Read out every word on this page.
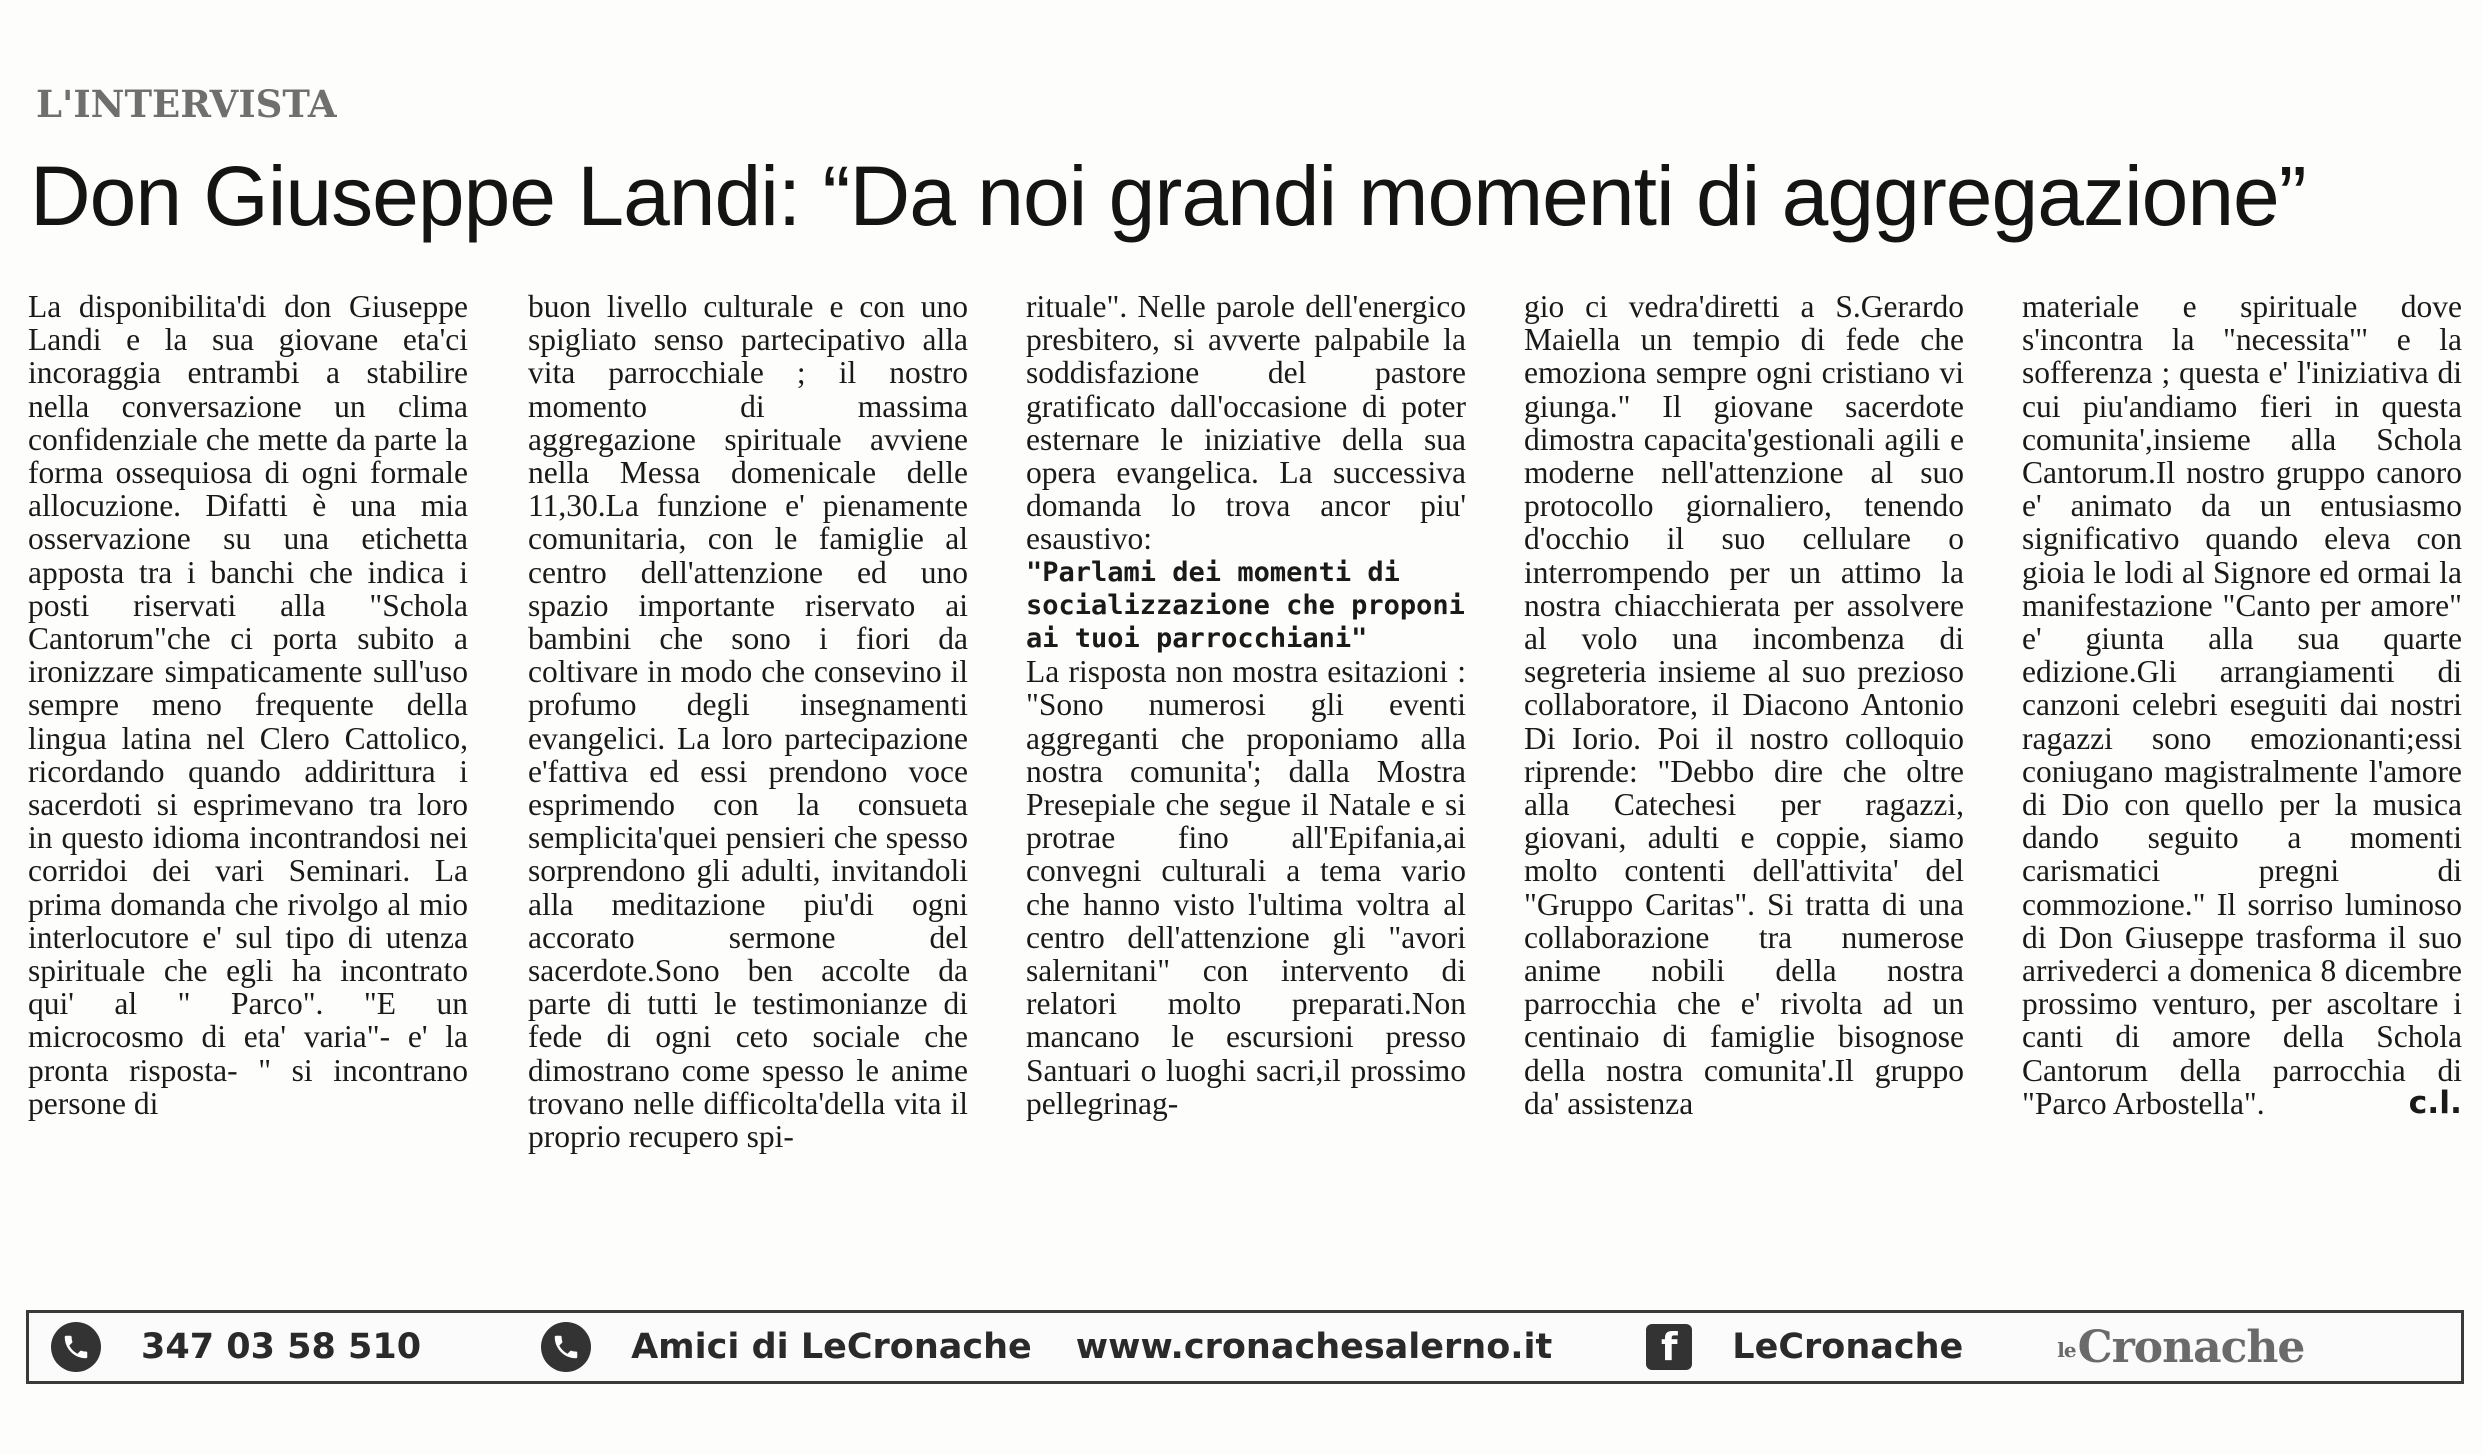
L'INTERVISTA
Don Giuseppe Landi: “Da noi grandi momenti di aggregazione”

La disponibilita'di don Giuseppe Landi e la sua giovane eta'ci incoraggia entrambi a stabilire nella conversazione un clima confidenziale che mette da parte la forma ossequiosa di ogni formale allocuzione. Difatti è una mia osservazione su una etichetta apposta tra i banchi che indica i posti riservati alla "Schola Cantorum"che ci porta subito a ironizzare simpaticamente sull'uso sempre meno frequente della lingua latina nel Clero Cattolico, ricordando quando addirittura i sacerdoti si esprimevano tra loro in questo idioma incontrandosi nei corridoi dei vari Seminari. La prima domanda che rivolgo al mio interlocutore e' sul tipo di utenza spirituale che egli ha incontrato qui' al " Parco". "E un microcosmo di eta' varia"- e' la pronta risposta- " si incontrano persone di

buon livello culturale e con uno spigliato senso partecipativo alla vita parrocchiale ; il nostro momento di massima aggregazione spirituale avviene nella Messa domenicale delle 11,30.La funzione e' pienamente comunitaria, con le famiglie al centro dell'attenzione ed uno spazio importante riservato ai bambini che sono i fiori da coltivare in modo che consevino il profumo degli insegnamenti evangelici. La loro partecipazione e'fattiva ed essi prendono voce esprimendo con la consueta semplicita'quei pensieri che spesso sorprendono gli adulti, invitandoli alla meditazione piu'di ogni accorato sermone del sacerdote.Sono ben accolte da parte di tutti le testimonianze di fede di ogni ceto sociale che dimostrano come spesso le anime trovano nelle difficolta'della vita il proprio recupero spi-

rituale". Nelle parole dell'energico presbitero, si avverte palpabile la soddisfazione del pastore gratificato dall'occasione di poter esternare le iniziative della sua opera evangelica. La successiva domanda lo trova ancor piu' esaustivo:

"Parlami dei momenti di socializzazione che proponi ai tuoi parrocchiani"

La risposta non mostra esitazioni : "Sono numerosi gli eventi aggreganti che proponiamo alla nostra comunita'; dalla Mostra Presepiale che segue il Natale e si protrae fino all'Epifania,ai convegni culturali a tema vario che hanno visto l'ultima voltra al centro dell'attenzione gli "avori salernitani" con intervento di relatori molto preparati.Non mancano le escursioni presso Santuari o luoghi sacri,il prossimo pellegrinag-

gio ci vedra'diretti a S.Gerardo Maiella un tempio di fede che emoziona sempre ogni cristiano vi giunga." Il giovane sacerdote dimostra capacita'gestionali agili e moderne nell'attenzione al suo protocollo giornaliero, tenendo d'occhio il suo cellulare o interrompendo per un attimo la nostra chiacchierata per assolvere al volo una incombenza di segreteria insieme al suo prezioso collaboratore, il Diacono Antonio Di Iorio. Poi il nostro colloquio riprende: "Debbo dire che oltre alla Catechesi per ragazzi, giovani, adulti e coppie, siamo molto contenti dell'attivita' del "Gruppo Caritas". Si tratta di una collaborazione tra numerose anime nobili della nostra parrocchia che e' rivolta ad un centinaio di famiglie bisognose della nostra comunita'.Il gruppo da' assistenza

materiale e spirituale dove s'incontra la "necessita'" e la sofferenza ; questa e' l'iniziativa di cui piu'andiamo fieri in questa comunita',insieme alla Schola Cantorum.Il nostro gruppo canoro e' animato da un entusiasmo significativo quando eleva con gioia le lodi al Signore ed ormai la manifestazione "Canto per amore" e' giunta alla sua quarte edizione.Gli arrangiamenti di canzoni celebri eseguiti dai nostri ragazzi sono emozionanti;essi coniugano magistralmente l'amore di Dio con quello per la musica dando seguito a momenti carismatici pregni di commozione." Il sorriso luminoso di Don Giuseppe trasforma il suo arrivederci a domenica 8 dicembre prossimo venturo, per ascoltare i canti di amore della Schola Cantorum della parrocchia di "Parco Arbostella".	c.l.

347 03 58 510	Amici di LeCronache www.cronachesalerno.it	f	LeCronache	leCronache
